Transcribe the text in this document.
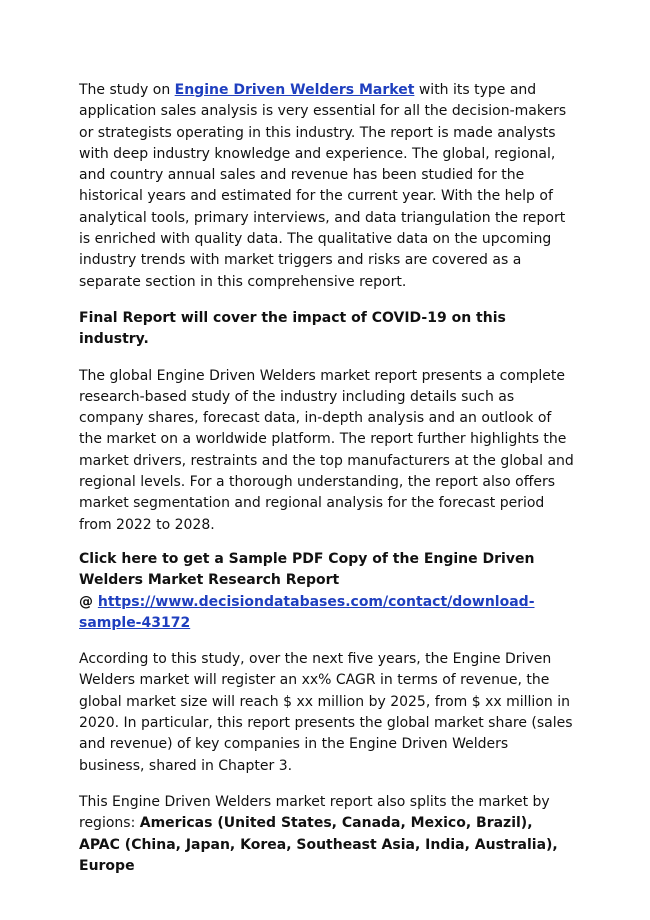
The study on Engine Driven Welders Market with its type and application sales analysis is very essential for all the decision-makers or strategists operating in this industry. The report is made analysts with deep industry knowledge and experience. The global, regional, and country annual sales and revenue has been studied for the historical years and estimated for the current year. With the help of analytical tools, primary interviews, and data triangulation the report is enriched with quality data. The qualitative data on the upcoming industry trends with market triggers and risks are covered as a separate section in this comprehensive report.

Final Report will cover the impact of COVID-19 on this industry.

The global Engine Driven Welders market report presents a complete research-based study of the industry including details such as company shares, forecast data, in-depth analysis and an outlook of the market on a worldwide platform. The report further highlights the market drivers, restraints and the top manufacturers at the global and regional levels. For a thorough understanding, the report also offers market segmentation and regional analysis for the forecast period from 2022 to 2028.

Click here to get a Sample PDF Copy of the Engine Driven Welders Market Research Report
@ https://www.decisiondatabases.com/contact/download-sample-43172

According to this study, over the next five years, the Engine Driven Welders market will register an xx% CAGR in terms of revenue, the global market size will reach $ xx million by 2025, from $ xx million in 2020. In particular, this report presents the global market share (sales and revenue) of key companies in the Engine Driven Welders business, shared in Chapter 3.

This Engine Driven Welders market report also splits the market by regions: Americas (United States, Canada, Mexico, Brazil), APAC (China, Japan, Korea, Southeast Asia, India, Australia), Europe
